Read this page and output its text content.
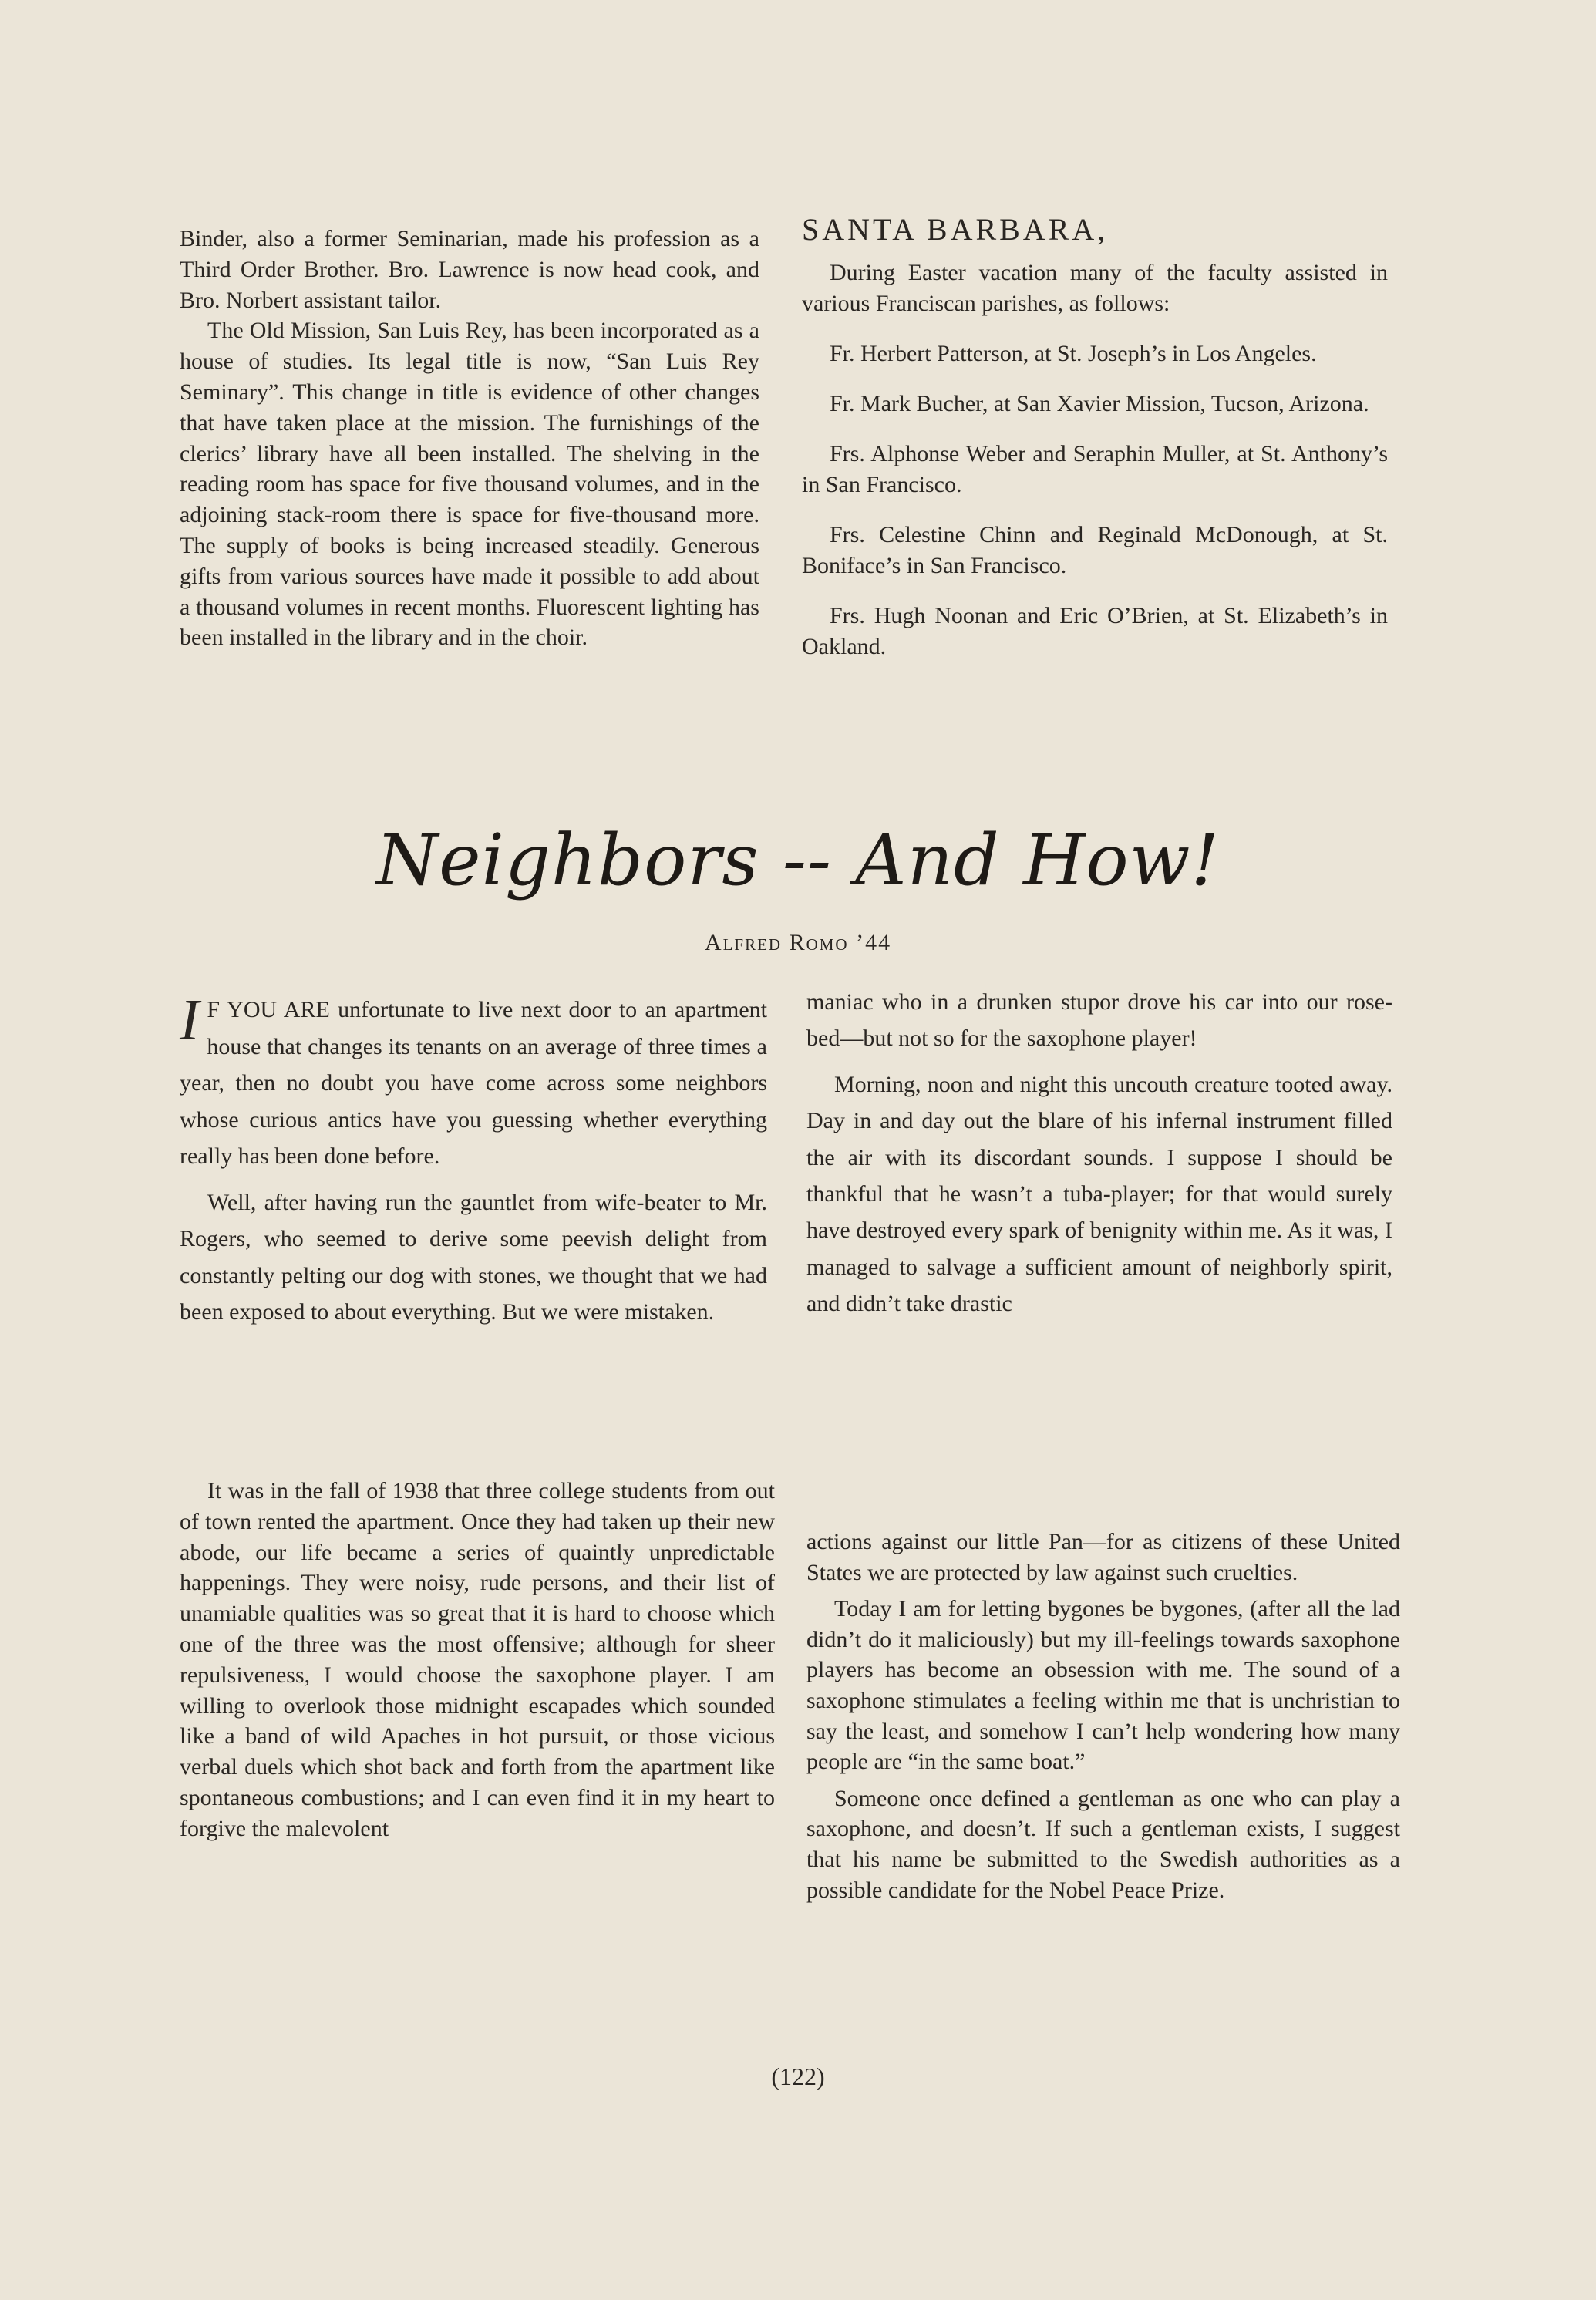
Binder, also a former Seminarian, made his profession as a Third Order Brother. Bro. Lawrence is now head cook, and Bro. Norbert assistant tailor.

The Old Mission, San Luis Rey, has been incorporated as a house of studies. Its legal title is now, “San Luis Rey Seminary”. This change in title is evidence of other changes that have taken place at the mission. The furnishings of the clerics’ library have all been installed. The shelving in the reading room has space for five thousand volumes, and in the adjoining stack-room there is space for five-thousand more. The supply of books is being increased steadily. Generous gifts from various sources have made it possible to add about a thousand volumes in recent months. Fluorescent lighting has been installed in the library and in the choir.

SANTA BARBARA,

During Easter vacation many of the faculty assisted in various Franciscan parishes, as follows:

Fr. Herbert Patterson, at St. Joseph’s in Los Angeles.

Fr. Mark Bucher, at San Xavier Mission, Tucson, Arizona.

Frs. Alphonse Weber and Seraphin Muller, at St. Anthony’s in San Francisco.

Frs. Celestine Chinn and Reginald McDonough, at St. Boniface’s in San Francisco.

Frs. Hugh Noonan and Eric O’Brien, at St. Elizabeth’s in Oakland.

Neighbors -- And How!
Alfred Romo ’44

I F YOU ARE unfortunate to live next door to an apartment house that changes its tenants on an average of three times a year, then no doubt you have come across some neighbors whose curious antics have you guessing whether everything really has been done before.

Well, after having run the gauntlet from wife-beater to Mr. Rogers, who seemed to derive some peevish delight from constantly pelting our dog with stones, we thought that we had been exposed to about everything. But we were mistaken.

It was in the fall of 1938 that three college students from out of town rented the apartment. Once they had taken up their new abode, our life became a series of quaintly unpredictable happenings. They were noisy, rude persons, and their list of unamiable qualities was so great that it is hard to choose which one of the three was the most offensive; although for sheer repulsiveness, I would choose the saxophone player. I am willing to overlook those midnight escapades which sounded like a band of wild Apaches in hot pursuit, or those vicious verbal duels which shot back and forth from the apartment like spontaneous combustions; and I can even find it in my heart to forgive the malevolent

maniac who in a drunken stupor drove his car into our rose-bed—but not so for the saxophone player!

Morning, noon and night this uncouth creature tooted away. Day in and day out the blare of his infernal instrument filled the air with its discordant sounds. I suppose I should be thankful that he wasn’t a tuba-player; for that would surely have destroyed every spark of benignity within me. As it was, I managed to salvage a sufficient amount of neighborly spirit, and didn’t take drastic

actions against our little Pan—for as citizens of these United States we are protected by law against such cruelties.

Today I am for letting bygones be bygones, (after all the lad didn’t do it maliciously) but my ill-feelings towards saxophone players has become an obsession with me. The sound of a saxophone stimulates a feeling within me that is unchristian to say the least, and somehow I can’t help wondering how many people are “in the same boat.”

Someone once defined a gentleman as one who can play a saxophone, and doesn’t. If such a gentleman exists, I suggest that his name be submitted to the Swedish authorities as a possible candidate for the Nobel Peace Prize.

(122)
